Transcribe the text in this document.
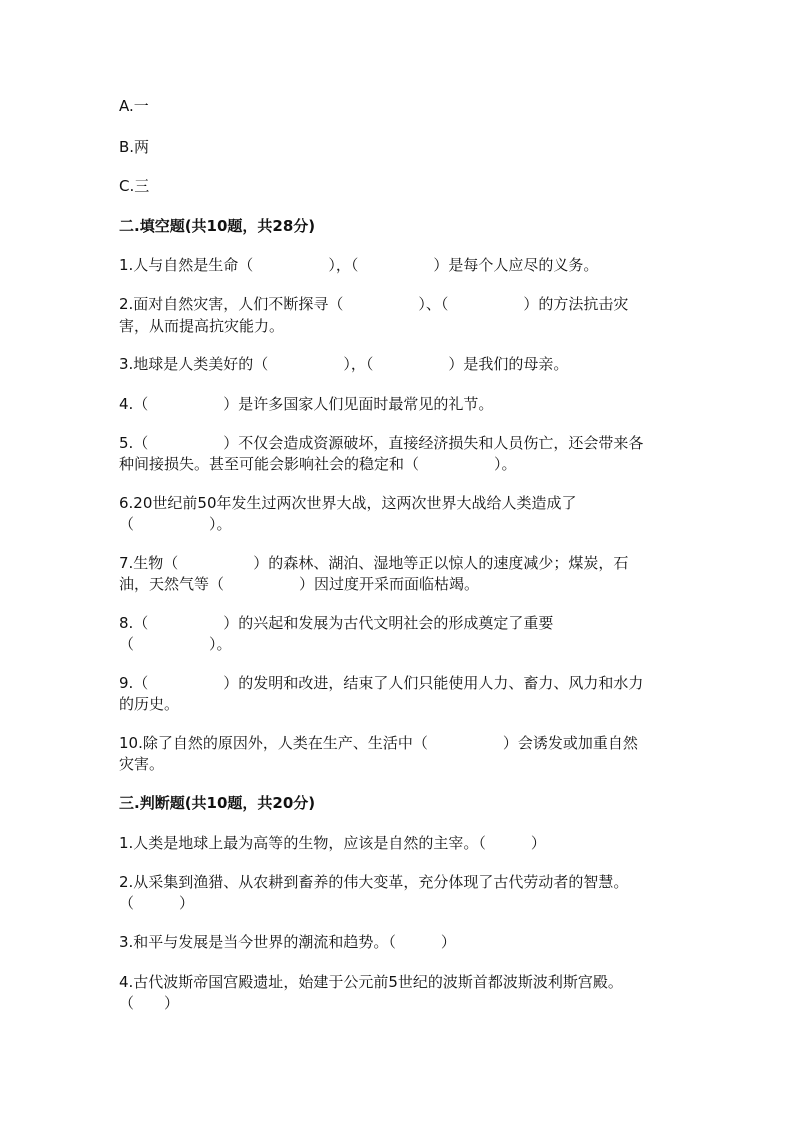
A.一
B.两
C.三
二.填空题(共10题，共28分)
1.人与自然是生命（　　　　　），（　　　　　）是每个人应尽的义务。
2.面对自然灾害，人们不断探寻（　　　　　）、（　　　　　）的方法抗击灾
害，从而提高抗灾能力。
3.地球是人类美好的（　　　　　），（　　　　　）是我们的母亲。
4.（　　　　　）是许多国家人们见面时最常见的礼节。
5.（　　　　　）不仅会造成资源破坏，直接经济损失和人员伤亡，还会带来各
种间接损失。甚至可能会影响社会的稳定和（　　　　　）。
6.20世纪前50年发生过两次世界大战，这两次世界大战给人类造成了
（　　　　　）。
7.生物（　　　　　）的森林、湖泊、湿地等正以惊人的速度减少；煤炭，石
油，天然气等（　　　　　）因过度开采而面临枯竭。
8.（　　　　　）的兴起和发展为古代文明社会的形成奠定了重要
（　　　　　）。
9.（　　　　　）的发明和改进，结束了人们只能使用人力、畜力、风力和水力
的历史。
10.除了自然的原因外，人类在生产、生活中（　　　　　）会诱发或加重自然
灾害。
三.判断题(共10题，共20分)
1.人类是地球上最为高等的生物，应该是自然的主宰。（　　　）
2.从采集到渔猎、从农耕到畜养的伟大变革，充分体现了古代劳动者的智慧。
（　　　）
3.和平与发展是当今世界的潮流和趋势。（　　　）
4.古代波斯帝国宫殿遗址，始建于公元前5世纪的波斯首都波斯波利斯宫殿。
（　　）
